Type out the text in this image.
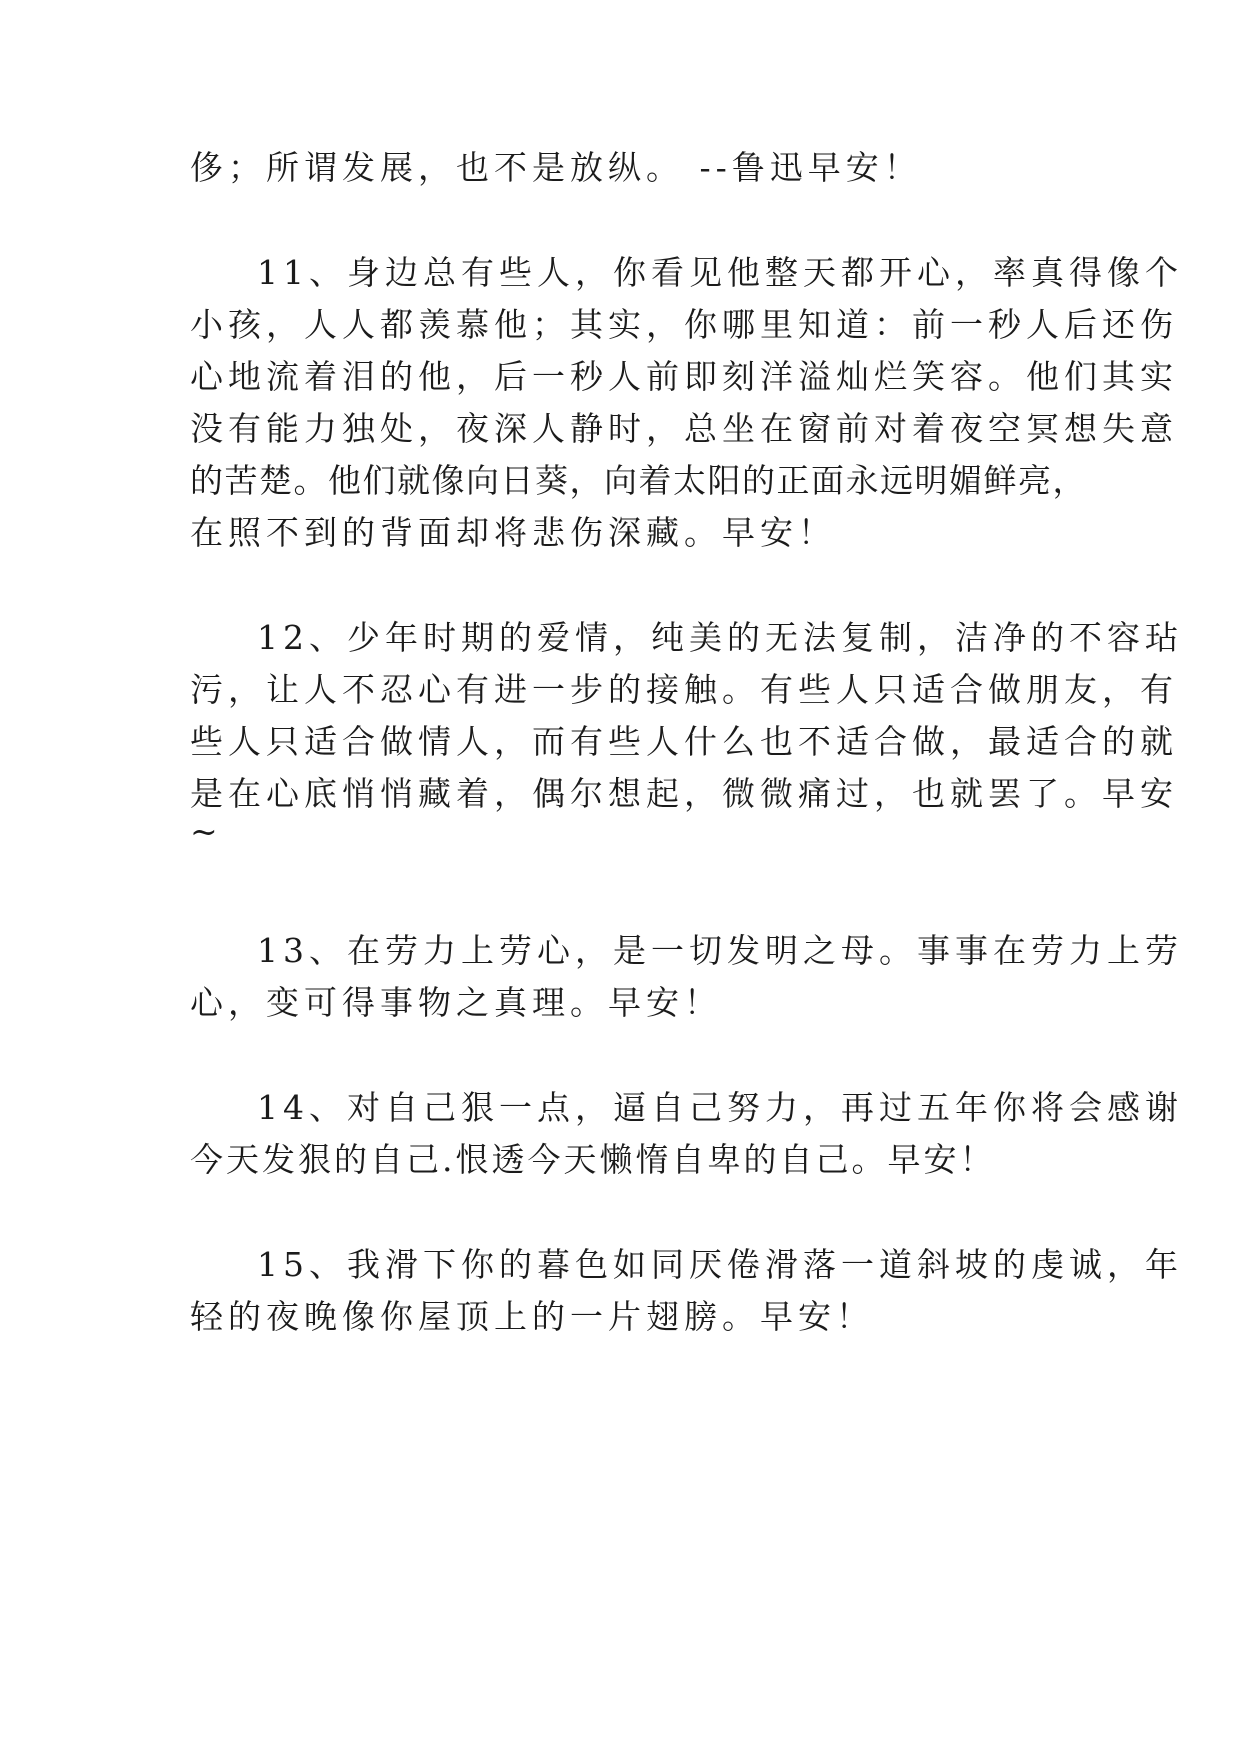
侈；所谓发展，也不是放纵。 --鲁迅早安！
11、身边总有些人，你看见他整天都开心，率真得像个
小孩，人人都羡慕他；其实，你哪里知道：前一秒人后还伤
心地流着泪的他，后一秒人前即刻洋溢灿烂笑容。他们其实
没有能力独处，夜深人静时，总坐在窗前对着夜空冥想失意
的苦楚。他们就像向日葵，向着太阳的正面永远明媚鲜亮，
在照不到的背面却将悲伤深藏。早安！
12、少年时期的爱情，纯美的无法复制，洁净的不容玷
污，让人不忍心有进一步的接触。有些人只适合做朋友，有
些人只适合做情人，而有些人什么也不适合做，最适合的就
是在心底悄悄藏着，偶尔想起，微微痛过，也就罢了。早安
~
13、在劳力上劳心，是一切发明之母。事事在劳力上劳
心，变可得事物之真理。早安！
14、对自己狠一点，逼自己努力，再过五年你将会感谢
今天发狠的自己.恨透今天懒惰自卑的自己。早安！
15、我滑下你的暮色如同厌倦滑落一道斜坡的虔诚，年
轻的夜晚像你屋顶上的一片翅膀。早安！
